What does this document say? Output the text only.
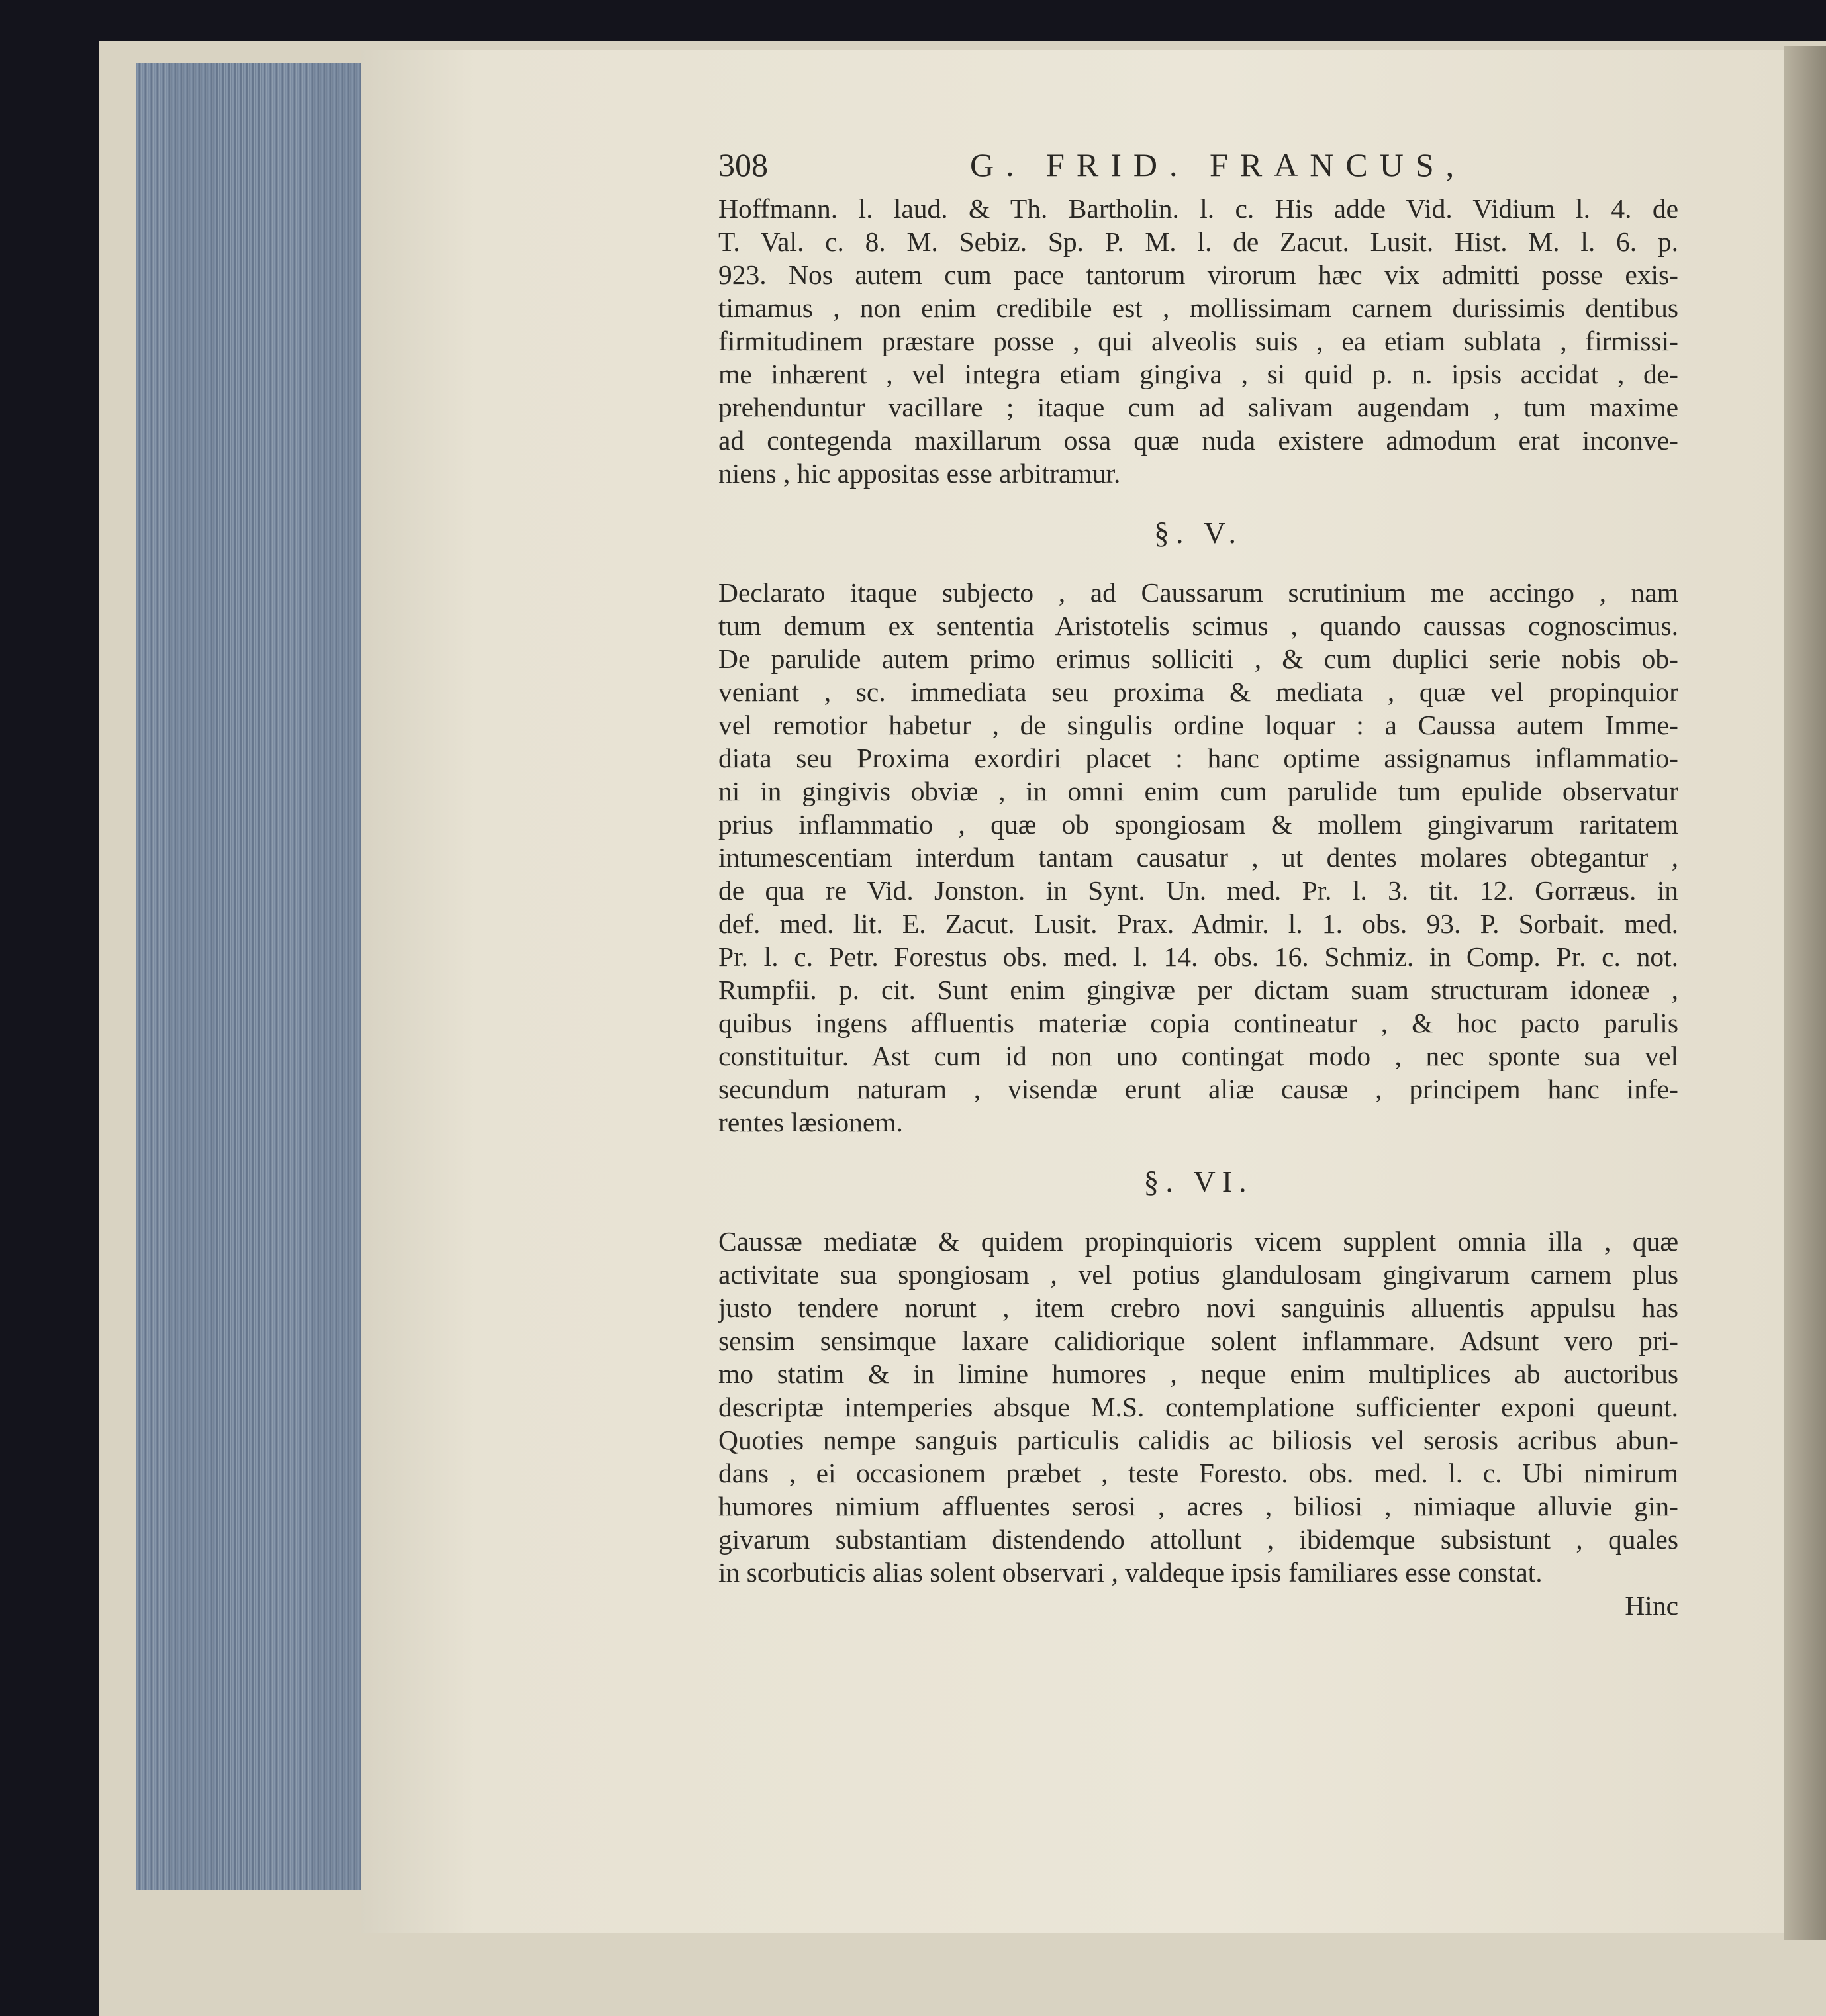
308	G. FRID. FRANCUS,
Hoffmann. l. laud. & Th. Bartholin. l. c. His adde Vid. Vidium l. 4. de
T. Val. c. 8. M. Sebiz. Sp. P. M. l. de Zacut. Lusit. Hist. M. l. 6. p.
923. Nos autem cum pace tantorum virorum hæc vix admitti posse exis-
timamus , non enim credibile est , mollissimam carnem durissimis dentibus
firmitudinem præstare posse , qui alveolis suis , ea etiam sublata , firmissi-
me inhærent , vel integra etiam gingiva , si quid p. n. ipsis accidat , de-
prehenduntur vacillare ; itaque cum ad salivam augendam , tum maxime
ad contegenda maxillarum ossa quæ nuda existere admodum erat inconve-
niens , hic appositas esse arbitramur.
§. V.
Declarato itaque subjecto , ad Caussarum scrutinium me accingo , nam
tum demum ex sententia Aristotelis scimus , quando caussas cognoscimus.
De parulide autem primo erimus solliciti , & cum duplici serie nobis ob-
veniant , sc. immediata seu proxima & mediata , quæ vel propinquior
vel remotior habetur , de singulis ordine loquar : a Caussa autem Imme-
diata seu Proxima exordiri placet : hanc optime assignamus inflammatio-
ni in gingivis obviæ , in omni enim cum parulide tum epulide observatur
prius inflammatio , quæ ob spongiosam & mollem gingivarum raritatem
intumescentiam interdum tantam causatur , ut dentes molares obtegantur ,
de qua re Vid. Jonston. in Synt. Un. med. Pr. l. 3. tit. 12. Gorræus. in
def. med. lit. E. Zacut. Lusit. Prax. Admir. l. 1. obs. 93. P. Sorbait. med.
Pr. l. c. Petr. Forestus obs. med. l. 14. obs. 16. Schmiz. in Comp. Pr. c. not.
Rumpfii. p. cit. Sunt enim gingivæ per dictam suam structuram idoneæ ,
quibus ingens affluentis materiæ copia contineatur , & hoc pacto parulis
constituitur. Ast cum id non uno contingat modo , nec sponte sua vel
secundum naturam , visendæ erunt aliæ causæ , principem hanc infe-
rentes læsionem.
§. VI.
Caussæ mediatæ & quidem propinquioris vicem supplent omnia illa , quæ
activitate sua spongiosam , vel potius glandulosam gingivarum carnem plus
justo tendere norunt , item crebro novi sanguinis alluentis appulsu has
sensim sensimque laxare calidiorique solent inflammare. Adsunt vero pri-
mo statim & in limine humores , neque enim multiplices ab auctoribus
descriptæ intemperies absque M.S. contemplatione sufficienter exponi queunt.
Quoties nempe sanguis particulis calidis ac biliosis vel serosis acribus abun-
dans , ei occasionem præbet , teste Foresto. obs. med. l. c. Ubi nimirum
humores nimium affluentes serosi , acres , biliosi , nimiaque alluvie gin-
givarum substantiam distendendo attollunt , ibidemque subsistunt , quales
in scorbuticis alias solent observari , valdeque ipsis familiares esse constat.
Hinc
